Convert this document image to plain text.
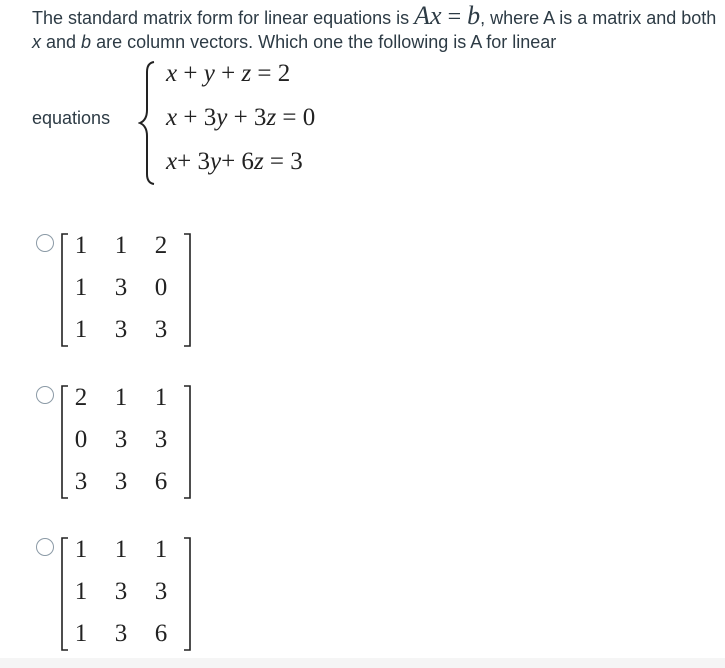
The standard matrix form for linear equations is Ax = b, where A is a matrix and both x and b are column vectors. Which one the following is A for linear
equations
x + y + z = 2
x + 3y + 3z = 0
x+ 3y+ 6z = 3
1	1	2
1	3	0
1	3	3
2	1	1
0	3	3
3	3	6
1	1	1
1	3	3
1	3	6
